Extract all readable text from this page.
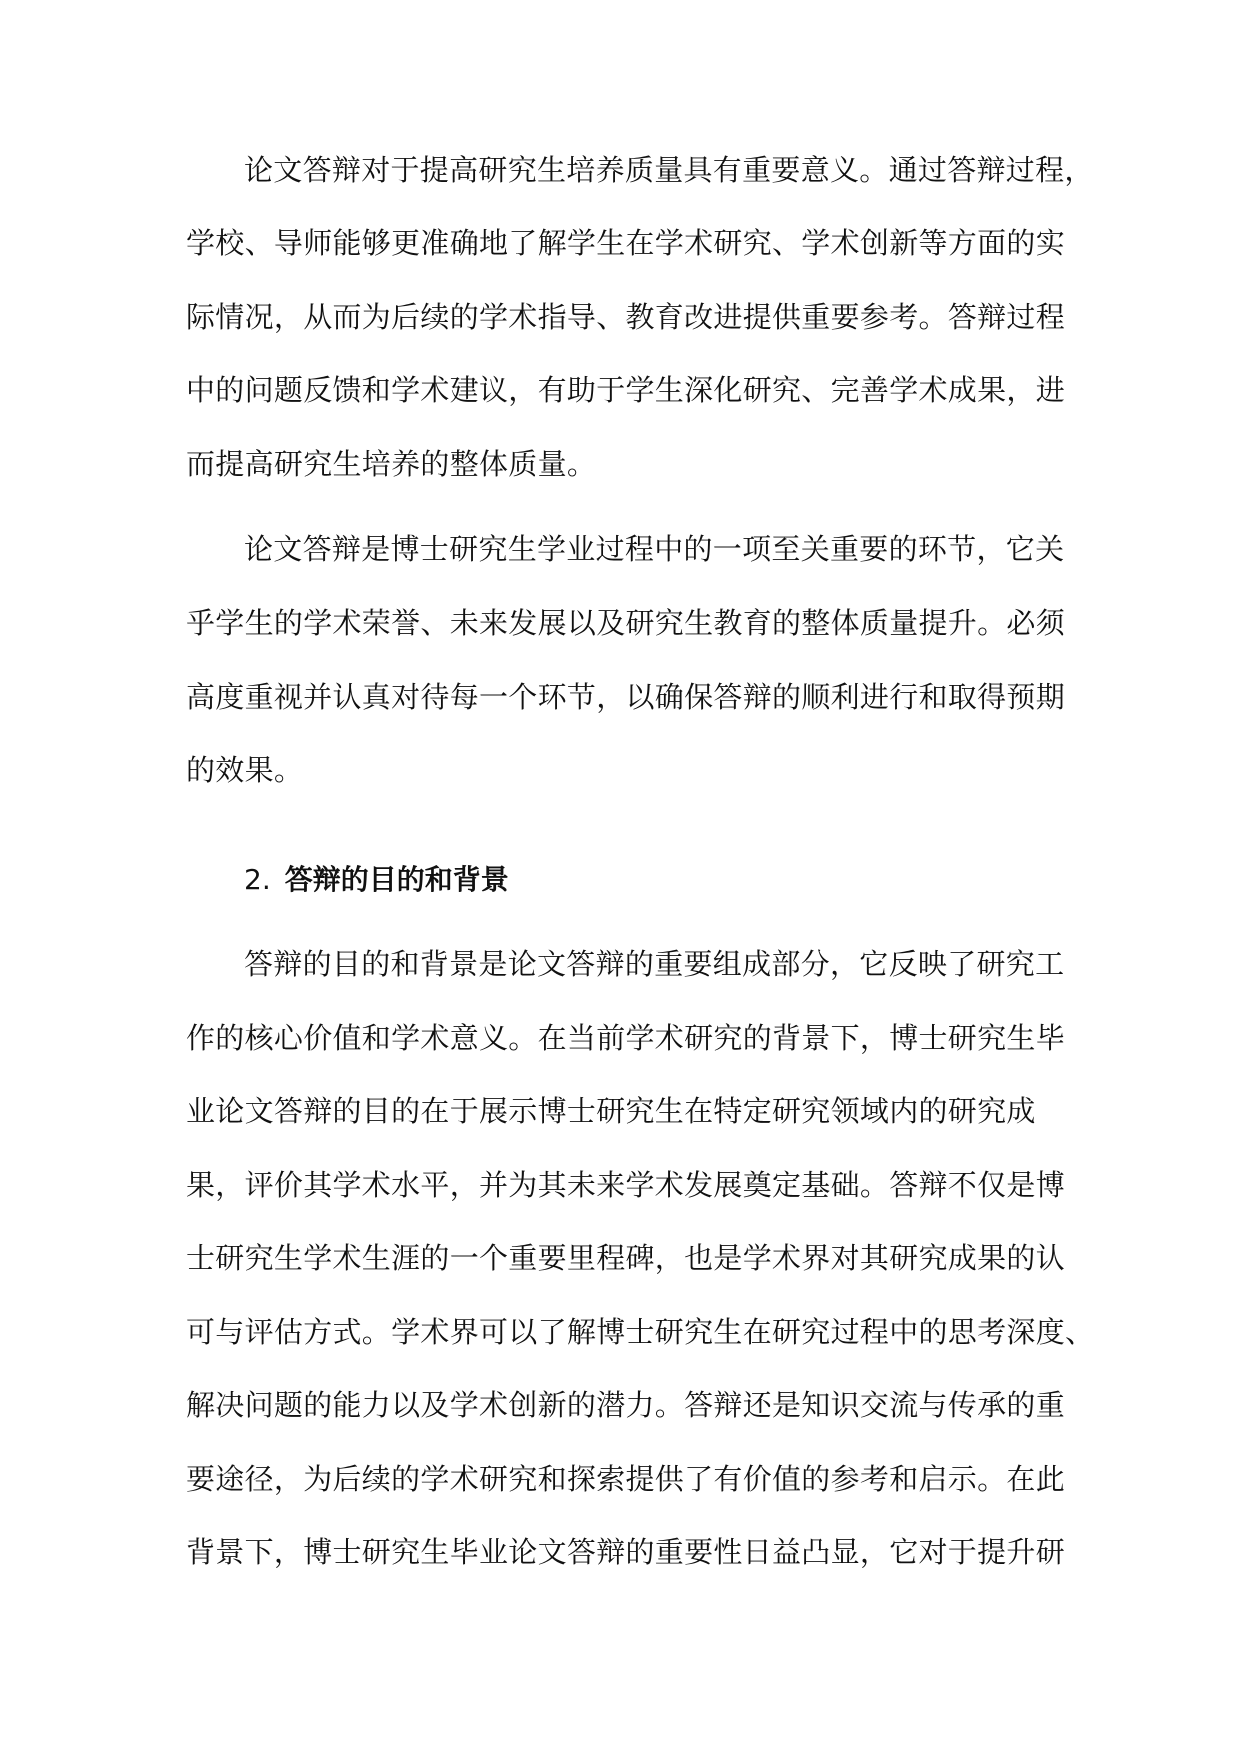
论文答辩对于提高研究生培养质量具有重要意义。通过答辩过程，
学校、导师能够更准确地了解学生在学术研究、学术创新等方面的实
际情况，从而为后续的学术指导、教育改进提供重要参考。答辩过程
中的问题反馈和学术建议，有助于学生深化研究、完善学术成果，进
而提高研究生培养的整体质量。
论文答辩是博士研究生学业过程中的一项至关重要的环节，它关
乎学生的学术荣誉、未来发展以及研究生教育的整体质量提升。必须
高度重视并认真对待每一个环节，以确保答辩的顺利进行和取得预期
的效果。
2. 答辩的目的和背景
答辩的目的和背景是论文答辩的重要组成部分，它反映了研究工
作的核心价值和学术意义。在当前学术研究的背景下，博士研究生毕
业论文答辩的目的在于展示博士研究生在特定研究领域内的研究成
果，评价其学术水平，并为其未来学术发展奠定基础。答辩不仅是博
士研究生学术生涯的一个重要里程碑，也是学术界对其研究成果的认
可与评估方式。学术界可以了解博士研究生在研究过程中的思考深度、
解决问题的能力以及学术创新的潜力。答辩还是知识交流与传承的重
要途径，为后续的学术研究和探索提供了有价值的参考和启示。在此
背景下，博士研究生毕业论文答辩的重要性日益凸显，它对于提升研
